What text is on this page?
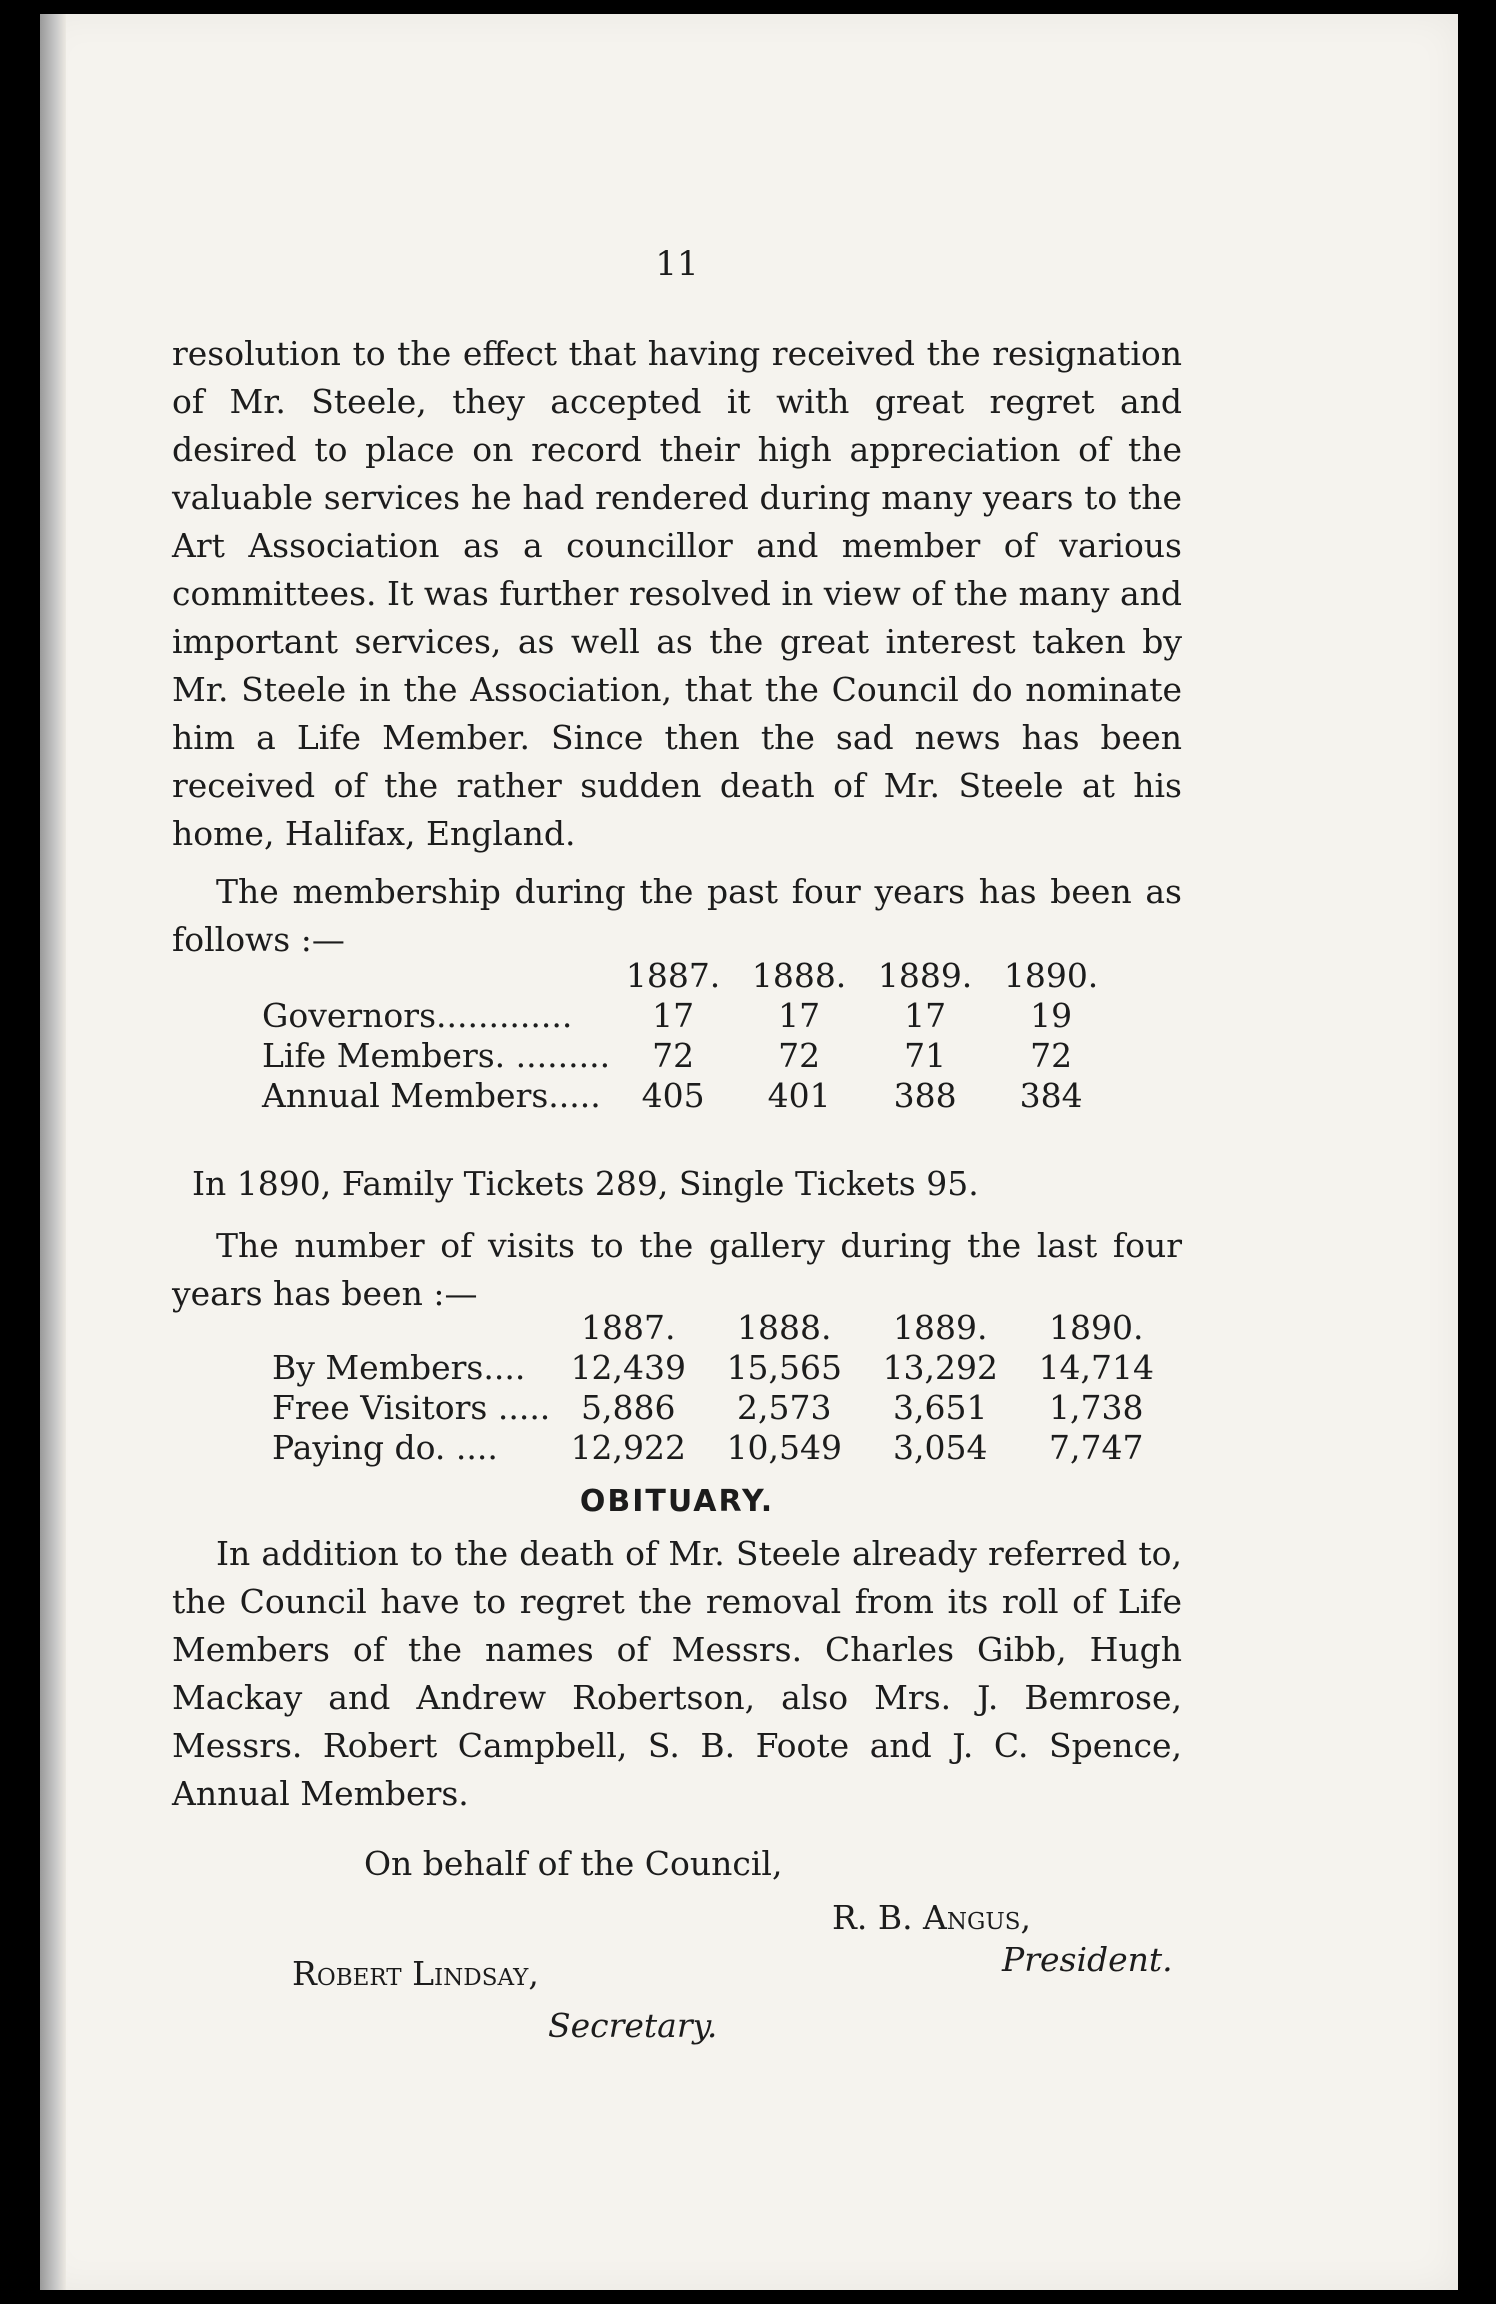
11

resolution to the effect that having received the resignation of Mr. Steele, they accepted it with great regret and desired to place on record their high appreciation of the valuable services he had rendered during many years to the Art Association as a councillor and member of various committees. It was further resolved in view of the many and important services, as well as the great interest taken by Mr. Steele in the Association, that the Council do nominate him a Life Member. Since then the sad news has been received of the rather sudden death of Mr. Steele at his home, Halifax, England.

The membership during the past four years has been as follows :—

	1887.	1888.	1889.	1890.
Governors.............	17	17	17	19
Life Members. .........	72	72	71	72
Annual Members.....	405	401	388	384
In 1890, Family Tickets 289, Single Tickets 95.

The number of visits to the gallery during the last four years has been :—

	1887.	1888.	1889.	1890.
By Members....	12,439	15,565	13,292	14,714
Free Visitors .....	5,886	2,573	3,651	1,738
Paying do. ....	12,922	10,549	3,054	7,747
OBITUARY.

In addition to the death of Mr. Steele already referred to, the Council have to regret the removal from its roll of Life Members of the names of Messrs. Charles Gibb, Hugh Mackay and Andrew Robertson, also Mrs. J. Bemrose, Messrs. Robert Campbell, S. B. Foote and J. C. Spence, Annual Members.

On behalf of the Council,
R. B. Angus,
President.
Robert Lindsay,
Secretary.
